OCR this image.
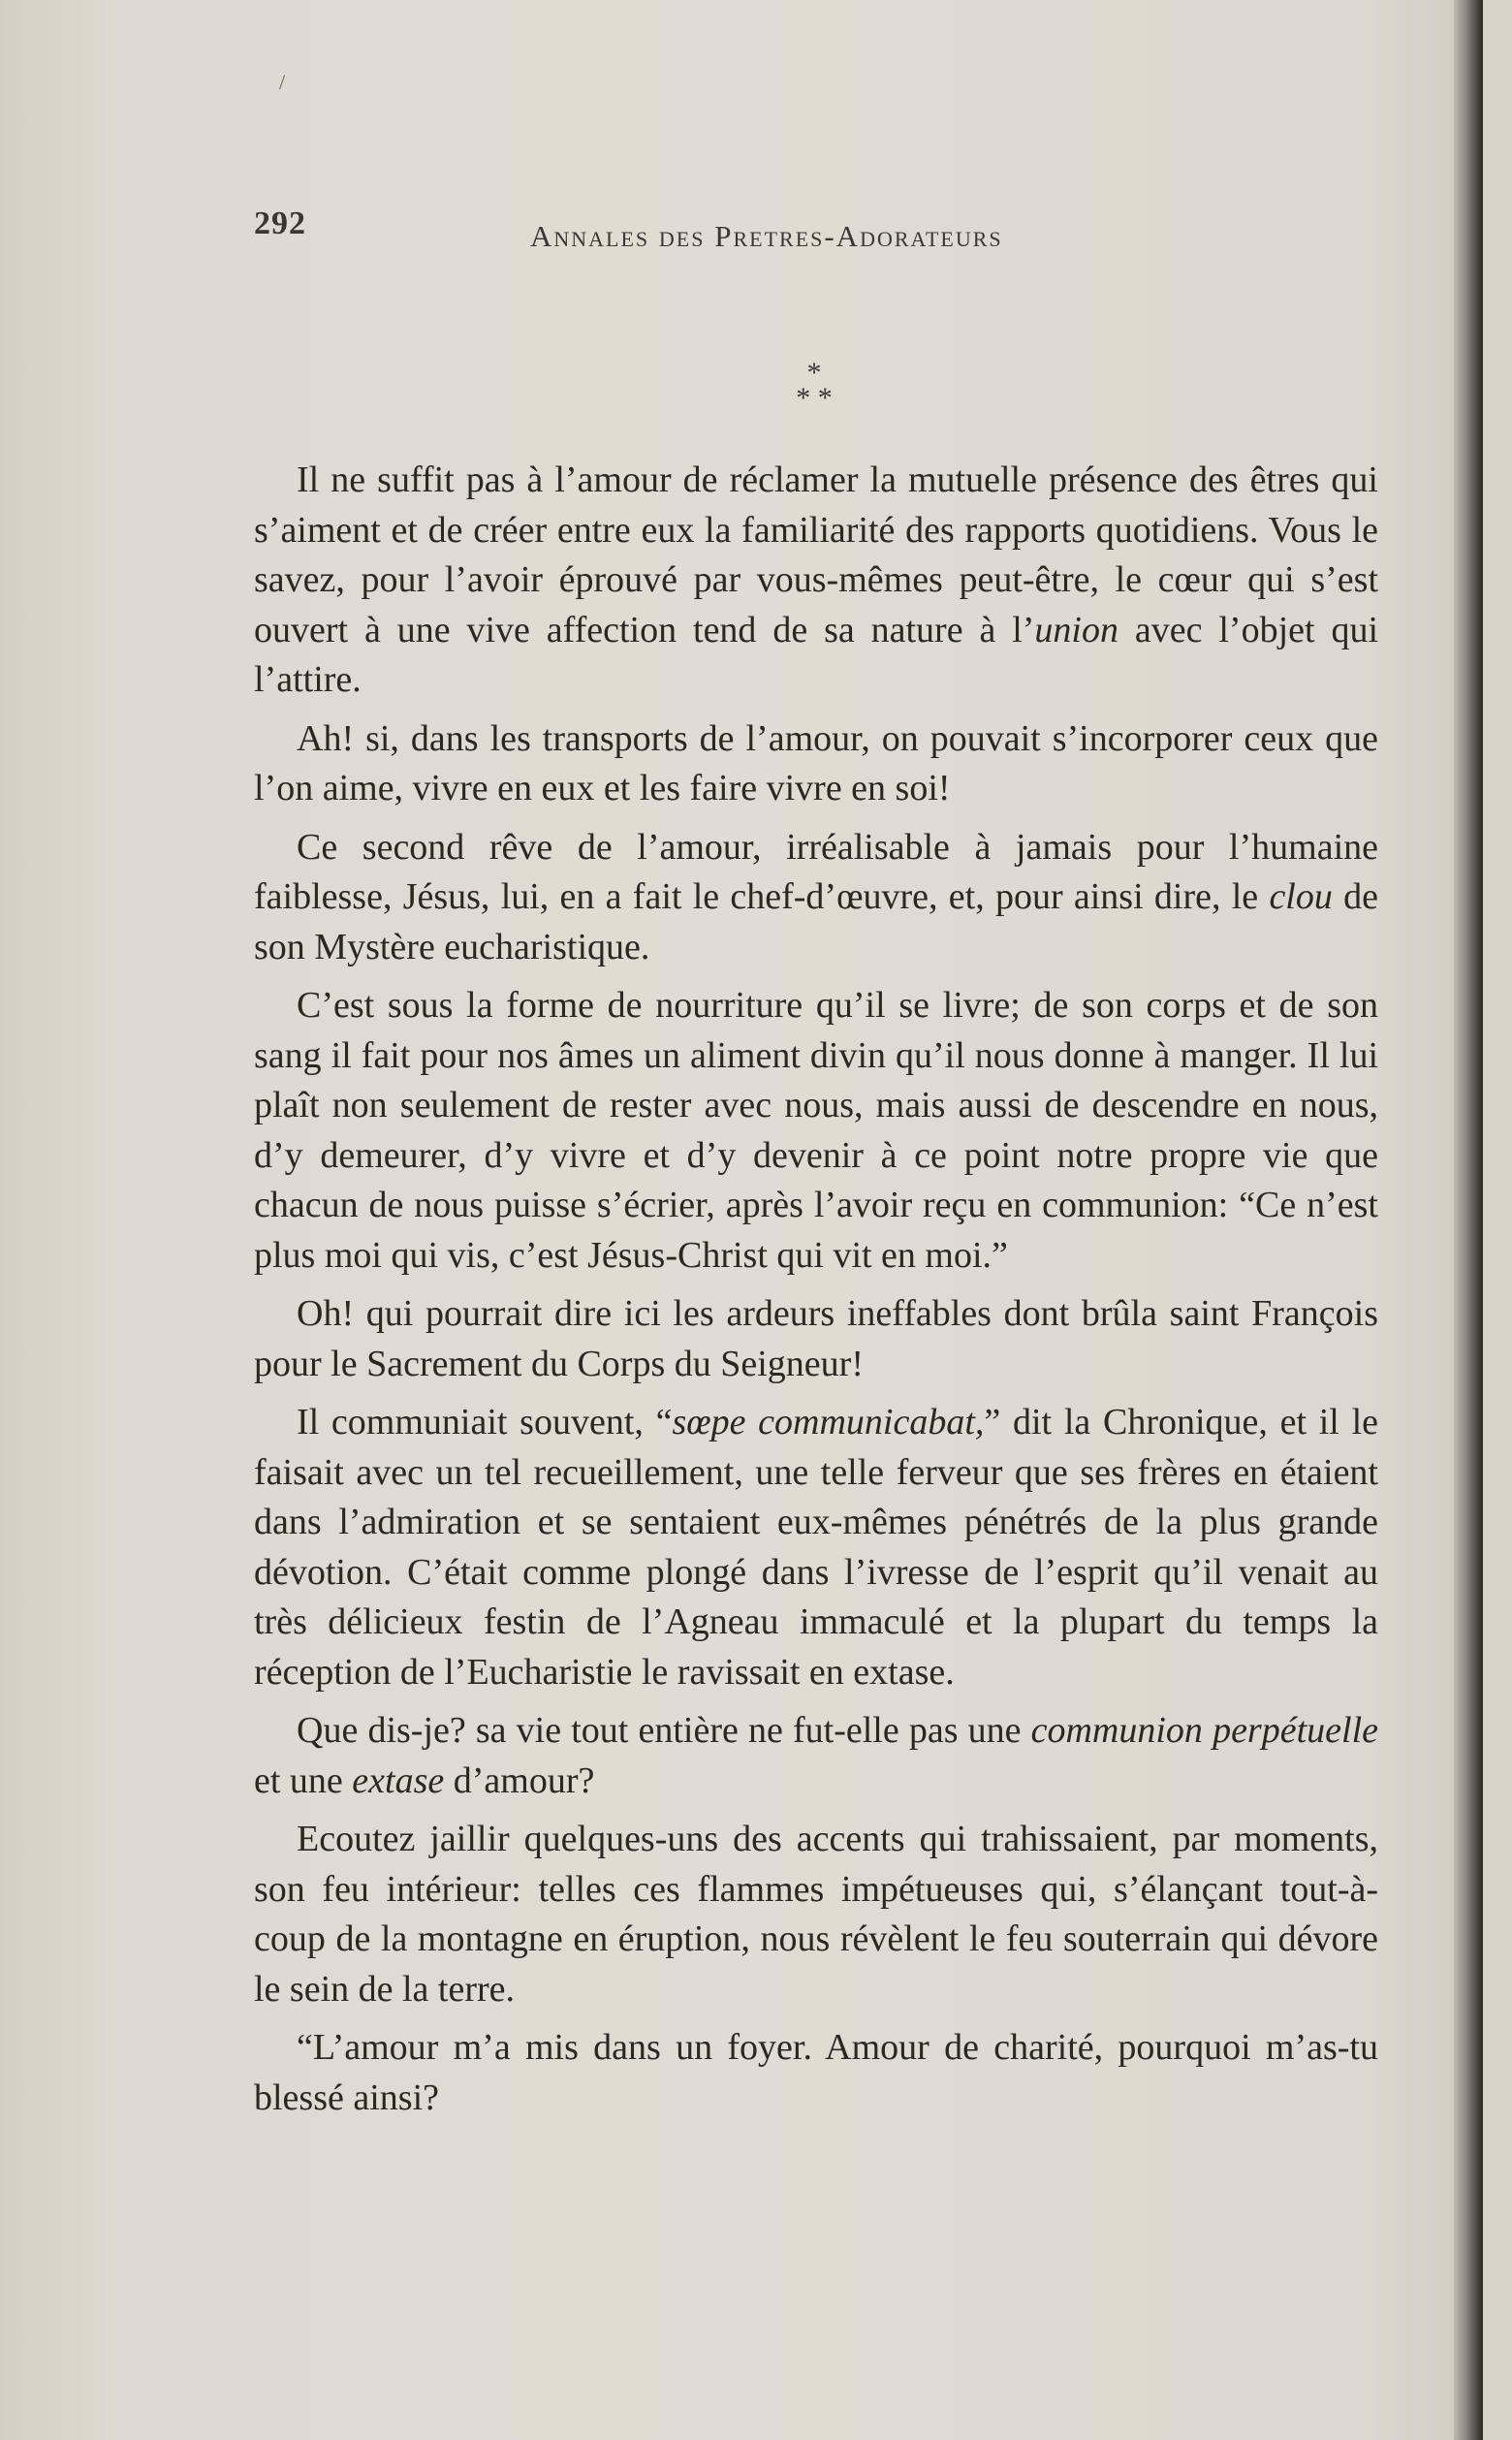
/
292	Annales des Pretres-Adorateurs
*
* *

Il ne suffit pas à l’amour de réclamer la mutuelle présence des êtres qui s’aiment et de créer entre eux la familiarité des rapports quotidiens. Vous le savez, pour l’avoir éprouvé par vous-mêmes peut-être, le cœur qui s’est ouvert à une vive affection tend de sa nature à l’union avec l’objet qui l’attire.

Ah! si, dans les transports de l’amour, on pouvait s’incorporer ceux que l’on aime, vivre en eux et les faire vivre en soi!

Ce second rêve de l’amour, irréalisable à jamais pour l’humaine faiblesse, Jésus, lui, en a fait le chef-d’œuvre, et, pour ainsi dire, le clou de son Mystère eucharistique.

C’est sous la forme de nourriture qu’il se livre; de son corps et de son sang il fait pour nos âmes un aliment divin qu’il nous donne à manger. Il lui plaît non seulement de rester avec nous, mais aussi de descendre en nous, d’y demeurer, d’y vivre et d’y devenir à ce point notre propre vie que chacun de nous puisse s’écrier, après l’avoir reçu en communion: “Ce n’est plus moi qui vis, c’est Jésus-Christ qui vit en moi.”

Oh! qui pourrait dire ici les ardeurs ineffables dont brûla saint François pour le Sacrement du Corps du Seigneur!

Il communiait souvent, “sœpe communicabat,” dit la Chronique, et il le faisait avec un tel recueillement, une telle ferveur que ses frères en étaient dans l’admiration et se sentaient eux-mêmes pénétrés de la plus grande dévotion. C’était comme plongé dans l’ivresse de l’esprit qu’il venait au très délicieux festin de l’Agneau immaculé et la plupart du temps la réception de l’Eucharistie le ravissait en extase.

Que dis-je? sa vie tout entière ne fut-elle pas une communion perpétuelle et une extase d’amour?

Ecoutez jaillir quelques-uns des accents qui trahissaient, par moments, son feu intérieur: telles ces flammes impétueuses qui, s’élançant tout-à-coup de la montagne en éruption, nous révèlent le feu souterrain qui dévore le sein de la terre.

“L’amour m’a mis dans un foyer. Amour de charité, pourquoi m’as-tu blessé ainsi?
